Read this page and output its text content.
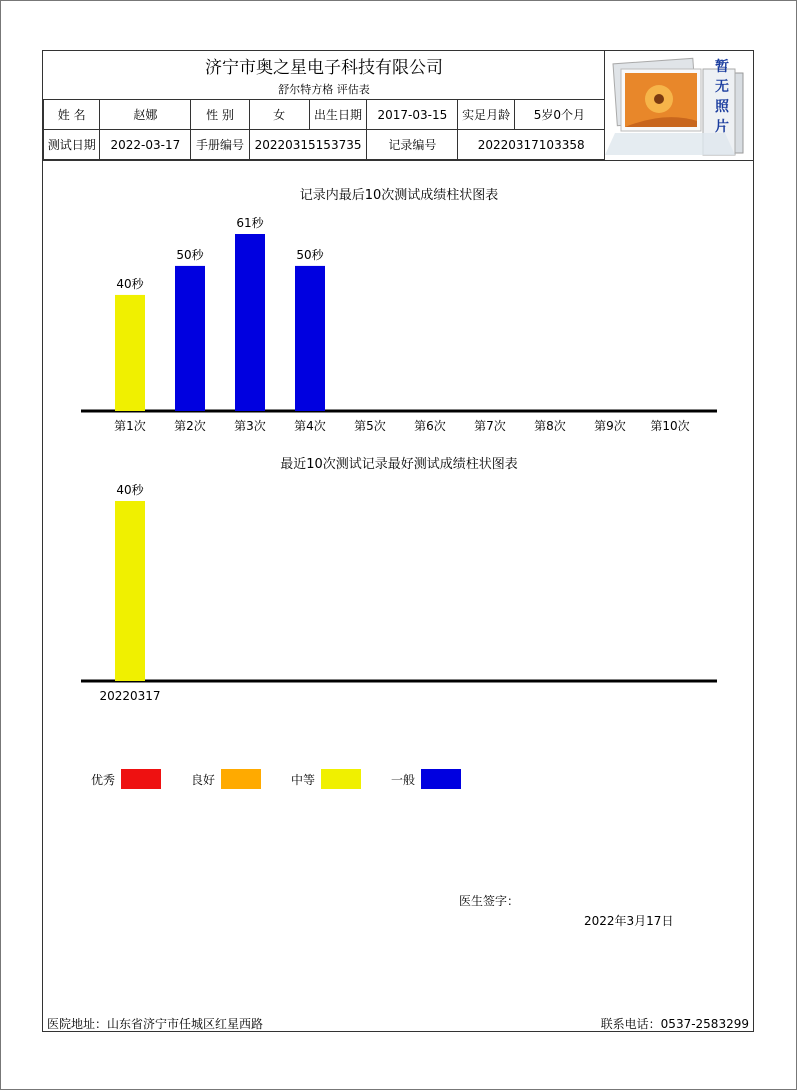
济宁市奥之星电子科技有限公司
舒尔特方格 评估表
姓 名	赵娜	性 别	女	出生日期	2017-03-15	实足月龄	5岁0个月
测试日期	2022-03-17	手册编号	20220315153735		记录编号	20220317103358	
暂
无
照
片
记录内最后10次测试成绩柱状图表
40秒
第1次
50秒
第2次
61秒
第3次
50秒
第4次 第5次 第6次 第7次 第8次 第9次 第10次
最近10次测试记录最好测试成绩柱状图表
40秒
20220317
优秀	良好	中等	一般
医生签字：
2022年3月17日
医院地址：山东省济宁市任城区红星西路	联系电话：0537-2583299
